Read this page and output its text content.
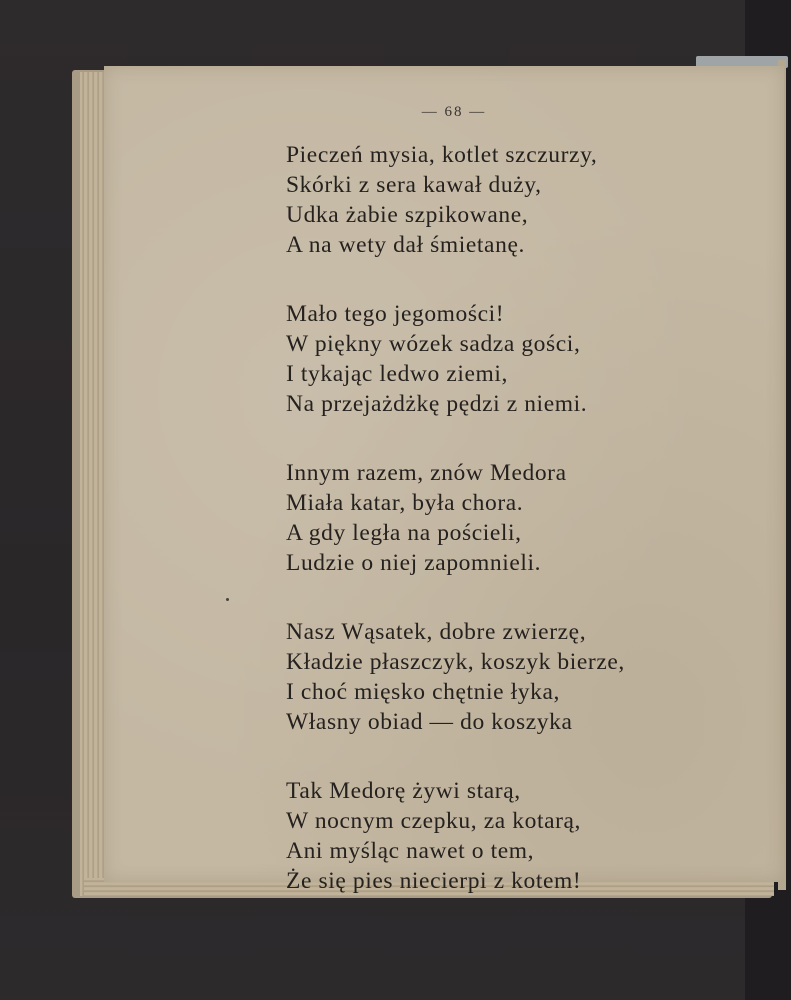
— 68 —
Pieczeń mysia, kotlet szczurzy,
Skórki z sera kawał duży,
Udka żabie szpikowane,
A na wety dał śmietanę.
Mało tego jegomości!
W piękny wózek sadza gości,
I tykając ledwo ziemi,
Na przejażdżkę pędzi z niemi.
Innym razem, znów Medora
Miała katar, była chora.
A gdy legła na pościeli,
Ludzie o niej zapomnieli.
Nasz Wąsatek, dobre zwierzę,
Kładzie płaszczyk, koszyk bierze,
I choć mięsko chętnie łyka,
Własny obiad — do koszyka
Tak Medorę żywi starą,
W nocnym czepku, za kotarą,
Ani myśląc nawet o tem,
Że się pies niecierpi z kotem!
